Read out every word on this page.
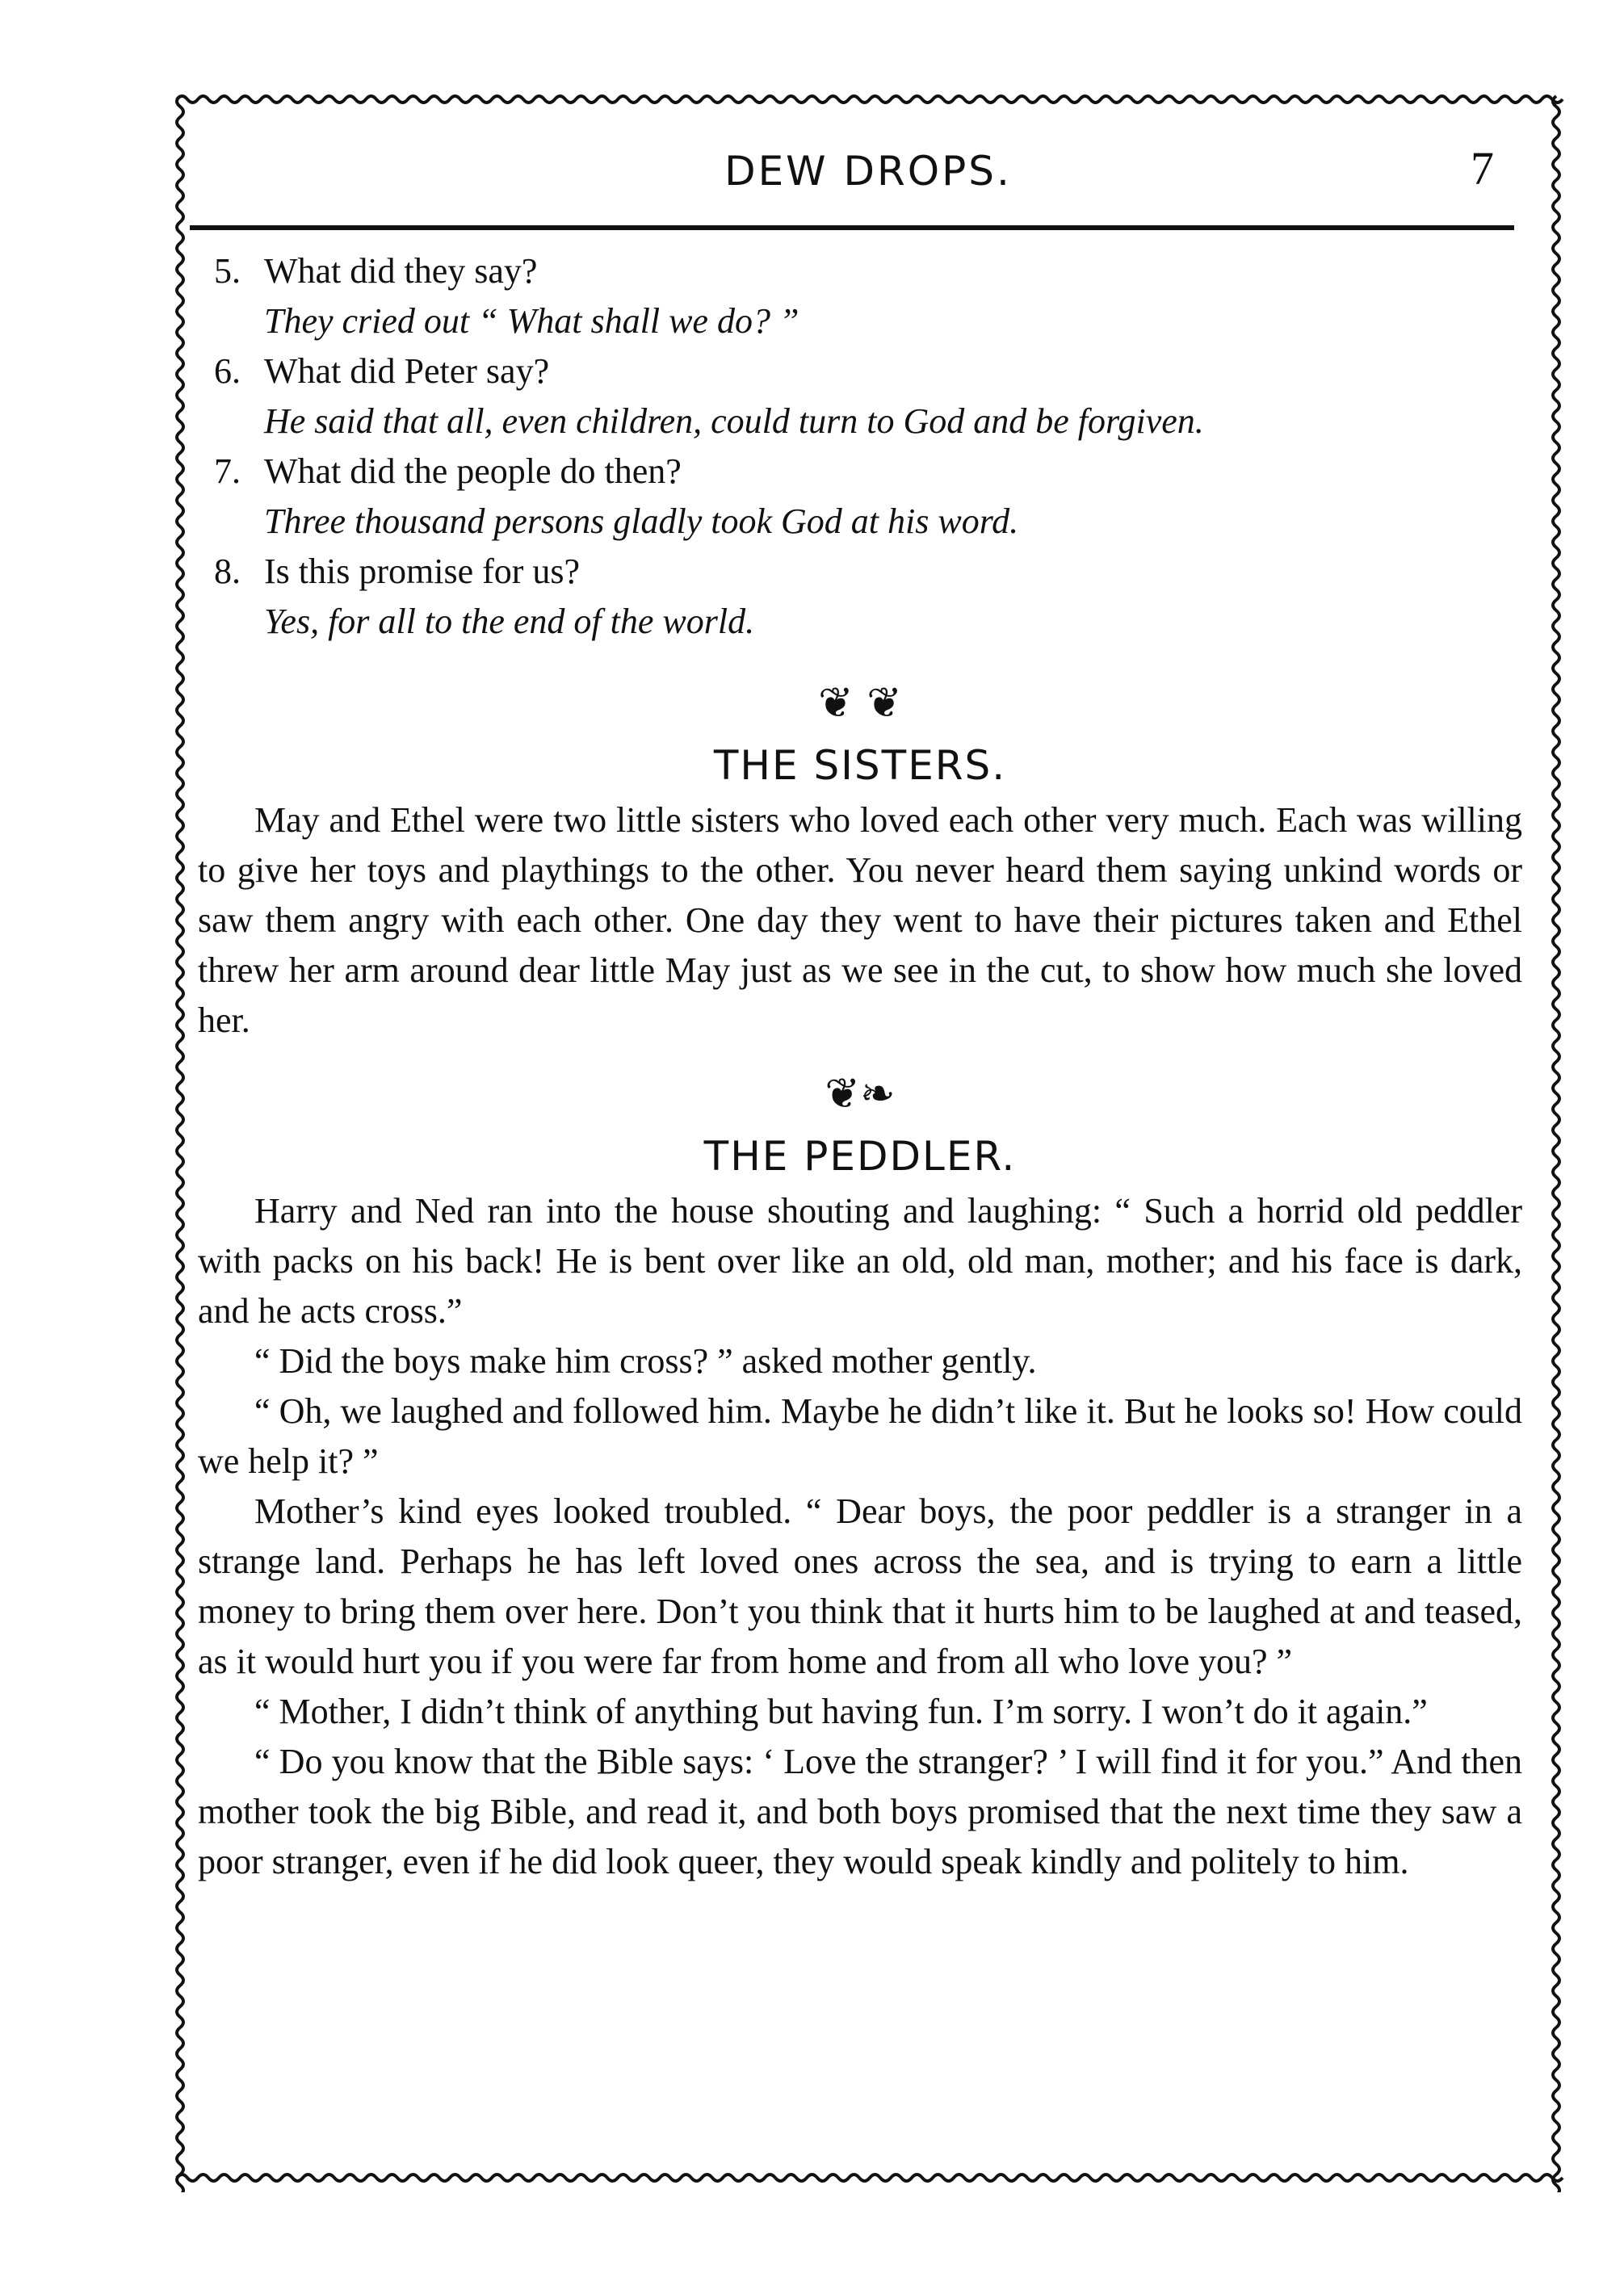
DEW DROPS.	7
5. What did they say?
They cried out “ What shall we do? ”
6. What did Peter say?
He said that all, even children, could turn to God and be forgiven.
7. What did the people do then?
Three thousand persons gladly took God at his word.
8. Is this promise for us?
Yes, for all to the end of the world.
❦ ❦
THE SISTERS.

May and Ethel were two little sisters who loved each other very much. Each was willing to give her toys and playthings to the other. You never heard them saying unkind words or saw them angry with each other. One day they went to have their pictures taken and Ethel threw her arm around dear little May just as we see in the cut, to show how much she loved her.

❦❧
THE PEDDLER.

Harry and Ned ran into the house shouting and laughing: “ Such a horrid old peddler with packs on his back! He is bent over like an old, old man, mother; and his face is dark, and he acts cross.”

“ Did the boys make him cross? ” asked mother gently.

“ Oh, we laughed and followed him. Maybe he didn’t like it. But he looks so! How could we help it? ”

Mother’s kind eyes looked troubled. “ Dear boys, the poor peddler is a stranger in a strange land. Perhaps he has left loved ones across the sea, and is trying to earn a little money to bring them over here. Don’t you think that it hurts him to be laughed at and teased, as it would hurt you if you were far from home and from all who love you? ”

“ Mother, I didn’t think of anything but having fun. I’m sorry. I won’t do it again.”

“ Do you know that the Bible says: ‘ Love the stranger? ’ I will find it for you.” And then mother took the big Bible, and read it, and both boys promised that the next time they saw a poor stranger, even if he did look queer, they would speak kindly and politely to him.
